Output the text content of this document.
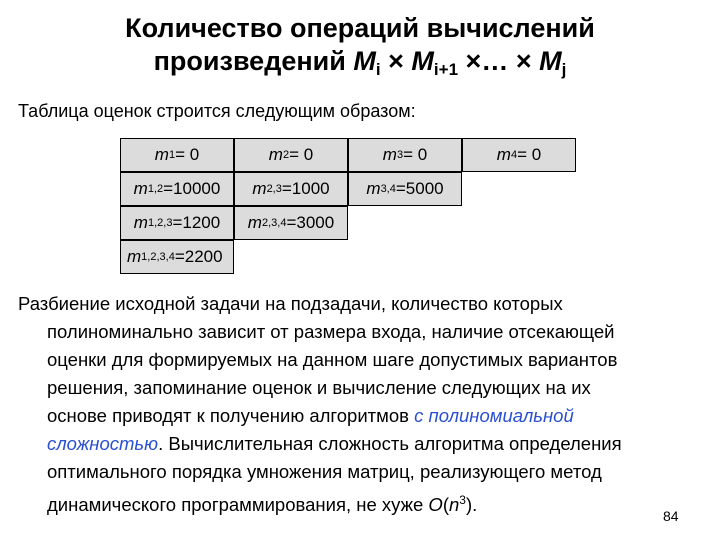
Количество операций вычислений
произведений $M_i \times M_{i+1}$ ×… × $M_j$
Таблица оценок строится следующим образом:
m 1 = 0	m 2 = 0	m 3 = 0	m 4 = 0
m 1,2 =10000 m 2,3 =1000 m 3,4 =5000
m 1,2,3 =1200 m 2,3,4 =3000
m 1,2,3,4 =2200
Разбиение исходной задачи на подзадачи, количество которых
полиноминально зависит от размера входа, наличие отсекающей
оценки для формируемых на данном шаге допустимых вариантов
решения, запоминание оценок и вычисление следующих на их
основе приводят к получению алгоритмов с полиномиальной
сложностью. Вычислительная сложность алгоритма определения
оптимального порядка умножения матриц, реализующего метод
динамического программирования, не хуже $O(n^3)$.
84
